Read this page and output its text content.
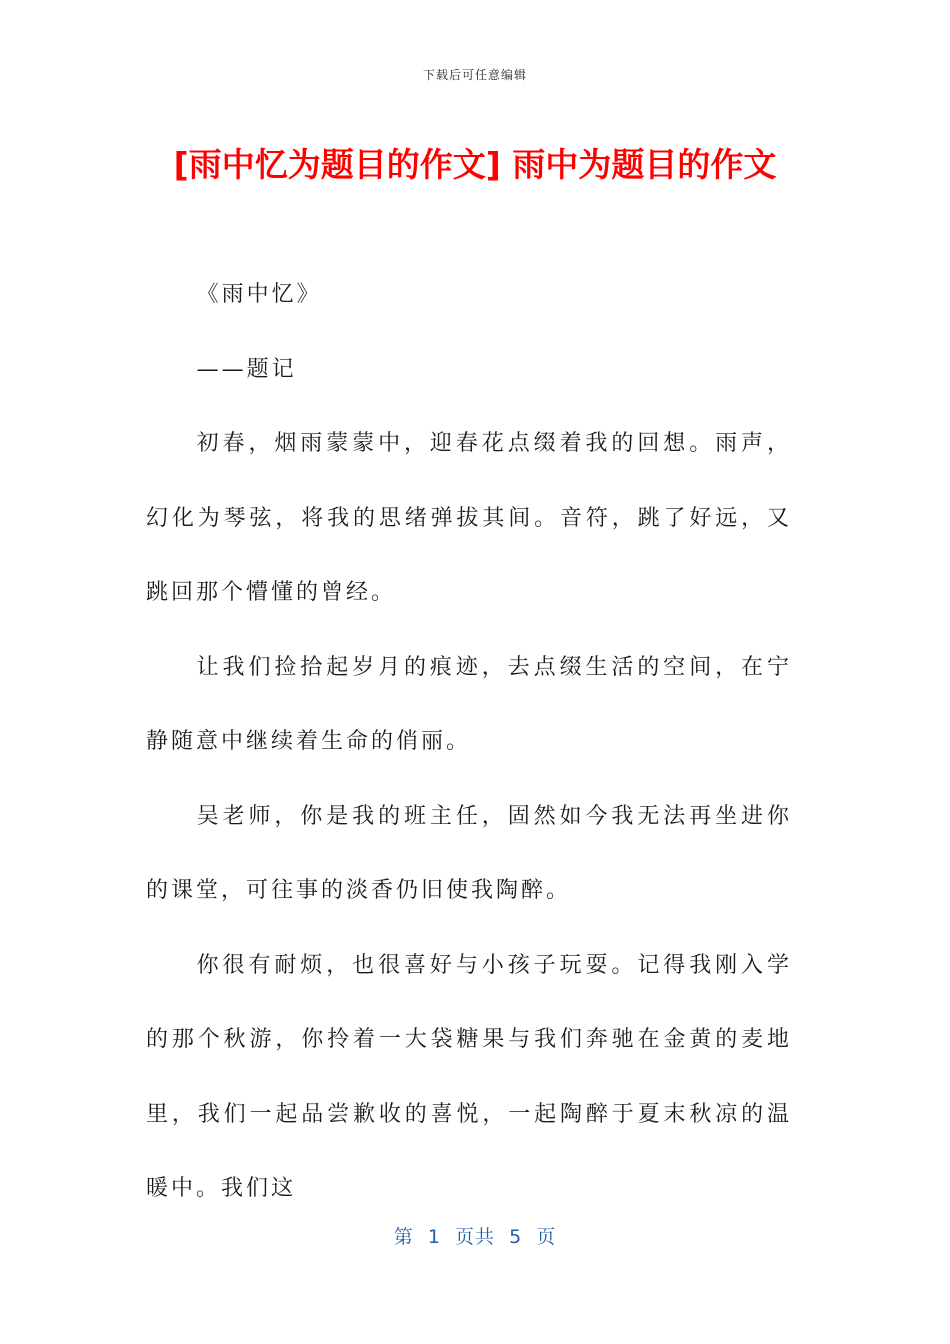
下载后可任意编辑
[雨中忆为题目的作文] 雨中为题目的作文

《雨中忆》

——题记

初春，烟雨蒙蒙中，迎春花点缀着我的回想。雨声，幻化为琴弦，将我的思绪弹拔其间。音符，跳了好远，又跳回那个懵懂的曾经。

让我们捡拾起岁月的痕迹，去点缀生活的空间，在宁静随意中继续着生命的俏丽。

吴老师，你是我的班主任，固然如今我无法再坐进你的课堂，可往事的淡香仍旧使我陶醉。

你很有耐烦，也很喜好与小孩子玩耍。记得我刚入学的那个秋游，你拎着一大袋糖果与我们奔驰在金黄的麦地里，我们一起品尝歉收的喜悦，一起陶醉于夏末秋凉的温暖中。我们这

第  1  页共  5  页
